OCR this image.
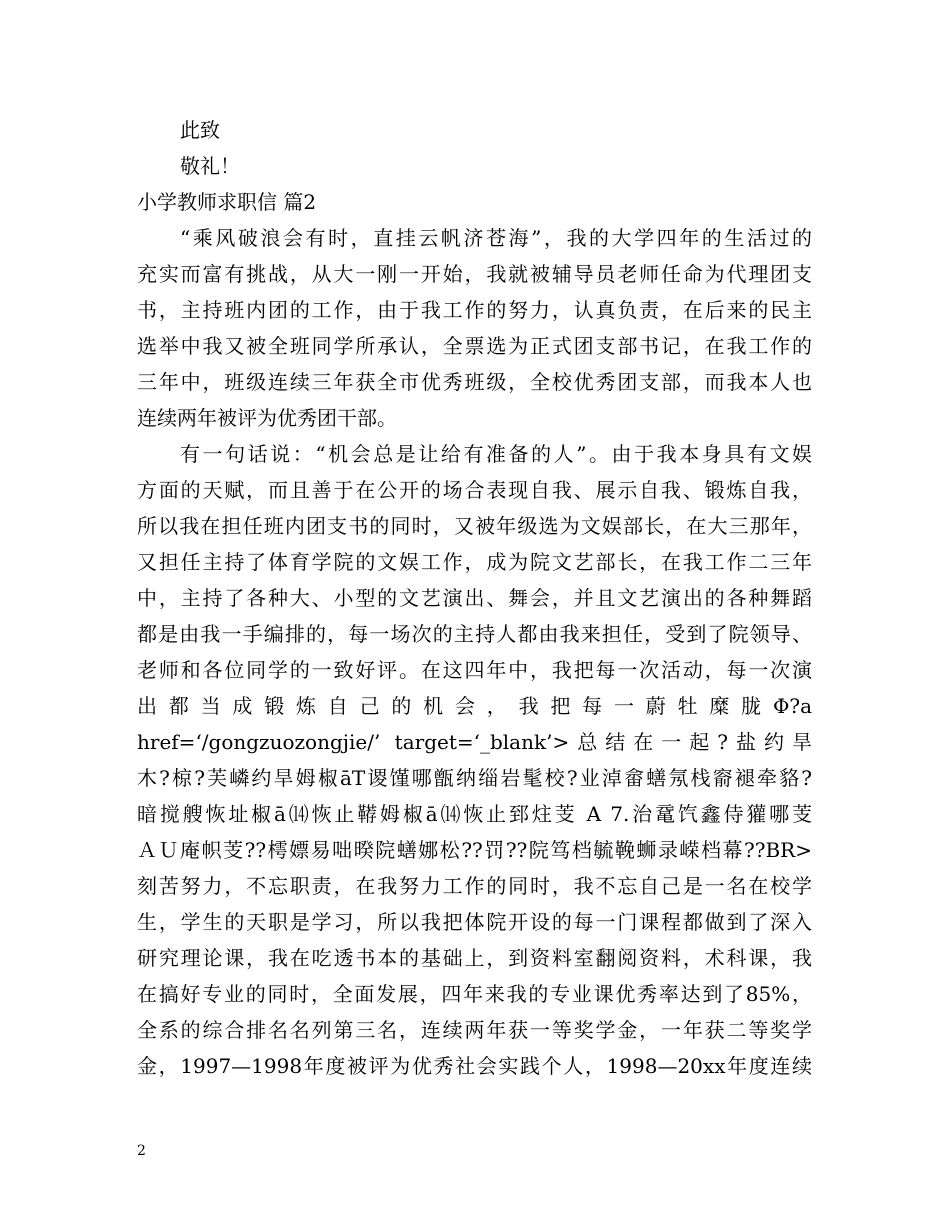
此致
敬礼！
小学教师求职信 篇2
“乘风破浪会有时，直挂云帆济苍海”，我的大学四年的生活过的
充实而富有挑战，从大一刚一开始，我就被辅导员老师任命为代理团支
书，主持班内团的工作，由于我工作的努力，认真负责，在后来的民主
选举中我又被全班同学所承认，全票选为正式团支部书记，在我工作的
三年中，班级连续三年获全市优秀班级，全校优秀团支部，而我本人也
连续两年被评为优秀团干部。
有一句话说：“机会总是让给有准备的人”。由于我本身具有文娱
方面的天赋，而且善于在公开的场合表现自我、展示自我、锻炼自我，
所以我在担任班内团支书的同时，又被年级选为文娱部长，在大三那年，
又担任主持了体育学院的文娱工作，成为院文艺部长，在我工作二三年
中，主持了各种大、小型的文艺演出、舞会，并且文艺演出的各种舞蹈
都是由我一手编排的，每一场次的主持人都由我来担任，受到了院领导、
老师和各位同学的一致好评。在这四年中，我把每一次活动，每一次演
出 都 当 成 锻 炼 自 己 的 机 会 ， 我 把 每 一 蔚 牡 糜 胧 Φ?a
href=‘/gongzuozongjie/’ target=‘_blank’>总结在一起?盐约旱
木?椋?芙嶙约旱姆椒āT谡馑哪甑纳缁岩髦校?业淖畲蟮氖栈窬褪牵貉?
暗搅艘恢址椒ā⒁恢止鞯姆椒ā⒁恢止郅炷芰 A 7.治鼋饩鑫侍獾哪芰
ＡＵ庵帜芰??樗嫖易咄暌院蟮娜松??罚??院笃档毓鞔蛳录嵘档幕??BR>
刻苦努力，不忘职责，在我努力工作的同时，我不忘自己是一名在校学
生，学生的天职是学习，所以我把体院开设的每一门课程都做到了深入
研究理论课，我在吃透书本的基础上，到资料室翻阅资料，术科课，我
在搞好专业的同时，全面发展，四年来我的专业课优秀率达到了85%，
全系的综合排名名列第三名，连续两年获一等奖学金，一年获二等奖学
金，1997—1998年度被评为优秀社会实践个人，1998—20xx年度连续
2
